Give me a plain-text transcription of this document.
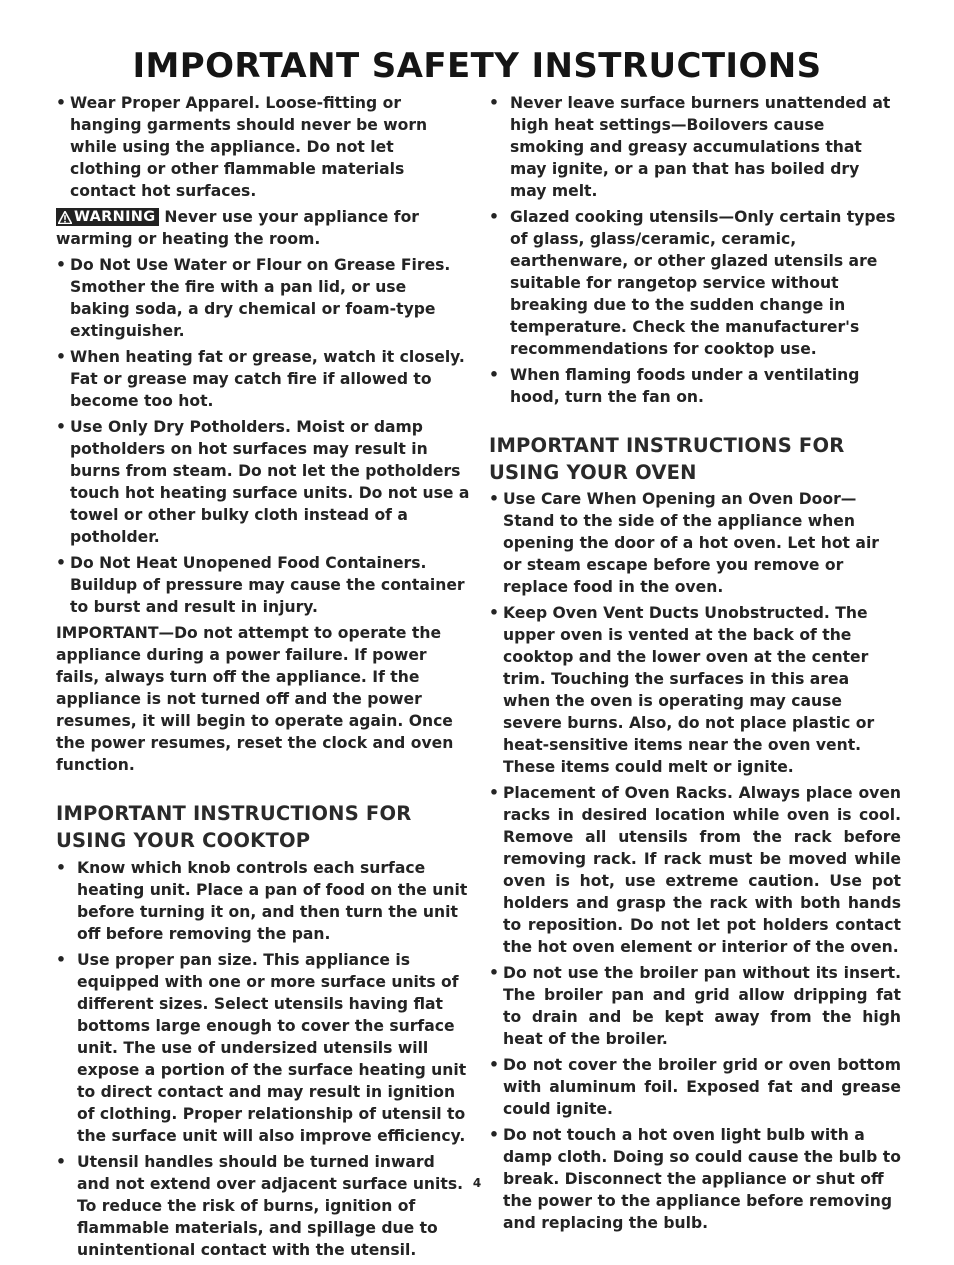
IMPORTANT SAFETY INSTRUCTIONS
• Wear Proper Apparel. Loose-fitting or hanging garments should never be worn while using the appliance. Do not let clothing or other flammable materials contact hot surfaces.

WARNING Never use your appliance for warming or heating the room.

• Do Not Use Water or Flour on Grease Fires. Smother the fire with a pan lid, or use baking soda, a dry chemical or foam-type extinguisher.
• When heating fat or grease, watch it closely. Fat or grease may catch fire if allowed to become too hot.
• Use Only Dry Potholders. Moist or damp potholders on hot surfaces may result in burns from steam. Do not let the potholders touch hot heating surface units. Do not use a towel or other bulky cloth instead of a potholder.
• Do Not Heat Unopened Food Containers. Buildup of pressure may cause the container to burst and result in injury.

IMPORTANT—Do not attempt to operate the appliance during a power failure. If power fails, always turn off the appliance. If the appliance is not turned off and the power resumes, it will begin to operate again. Once the power resumes, reset the clock and oven function.

IMPORTANT INSTRUCTIONS FOR USING YOUR COOKTOP
• Know which knob controls each surface heating unit. Place a pan of food on the unit before turning it on, and then turn the unit off before removing the pan.
• Use proper pan size. This appliance is equipped with one or more surface units of different sizes. Select utensils having flat bottoms large enough to cover the surface unit. The use of undersized utensils will expose a portion of the surface heating unit to direct contact and may result in ignition of clothing. Proper relationship of utensil to the surface unit will also improve efficiency.
• Utensil handles should be turned inward and not extend over adjacent surface units. To reduce the risk of burns, ignition of flammable materials, and spillage due to unintentional contact with the utensil.
• Never leave surface burners unattended at high heat settings—Boilovers cause smoking and greasy accumulations that may ignite, or a pan that has boiled dry may melt.
• Glazed cooking utensils—Only certain types of glass, glass/ceramic, ceramic, earthenware, or other glazed utensils are suitable for rangetop service without breaking due to the sudden change in temperature. Check the manufacturer's recommendations for cooktop use.
• When flaming foods under a ventilating hood, turn the fan on.
IMPORTANT INSTRUCTIONS FOR USING YOUR OVEN
• Use Care When Opening an Oven Door—Stand to the side of the appliance when opening the door of a hot oven. Let hot air or steam escape before you remove or replace food in the oven.
• Keep Oven Vent Ducts Unobstructed. The upper oven is vented at the back of the cooktop and the lower oven at the center trim. Touching the surfaces in this area when the oven is operating may cause severe burns. Also, do not place plastic or heat-sensitive items near the oven vent. These items could melt or ignite.
• Placement of Oven Racks. Always place oven racks in desired location while oven is cool. Remove all utensils from the rack before removing rack. If rack must be moved while oven is hot, use extreme caution. Use pot holders and grasp the rack with both hands to reposition. Do not let pot holders contact the hot oven element or interior of the oven.
• Do not use the broiler pan without its insert. The broiler pan and grid allow dripping fat to drain and be kept away from the high heat of the broiler.
• Do not cover the broiler grid or oven bottom with aluminum foil. Exposed fat and grease could ignite.
• Do not touch a hot oven light bulb with a damp cloth. Doing so could cause the bulb to break. Disconnect the appliance or shut off the power to the appliance before removing and replacing the bulb.
4
